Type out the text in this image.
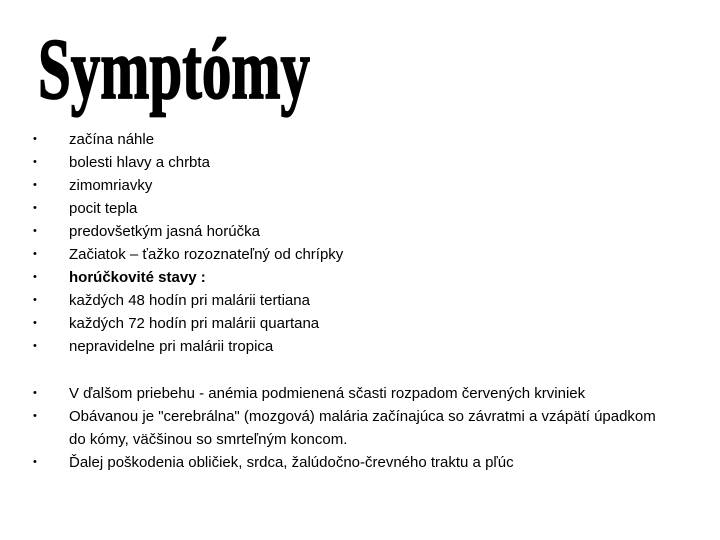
Symptómy
• začína náhle
• bolesti hlavy a chrbta
• zimomriavky
• pocit tepla
• predovšetkým jasná horúčka
• Začiatok – ťažko rozoznateľný od chrípky
• horúčkovité stavy :
• každých 48 hodín pri malárii tertiana
• každých 72 hodín pri malárii quartana
• nepravidelne pri malárii tropica
• V ďalšom priebehu - anémia podmienená sčasti rozpadom červených krviniek
• Obávanou je "cerebrálna" (mozgová) malária začínajúca so závratmi a vzápätí úpadkom do kómy, väčšinou so smrteľným koncom.
• Ďalej poškodenia obličiek, srdca, žalúdočno-črevného traktu a pľúc
